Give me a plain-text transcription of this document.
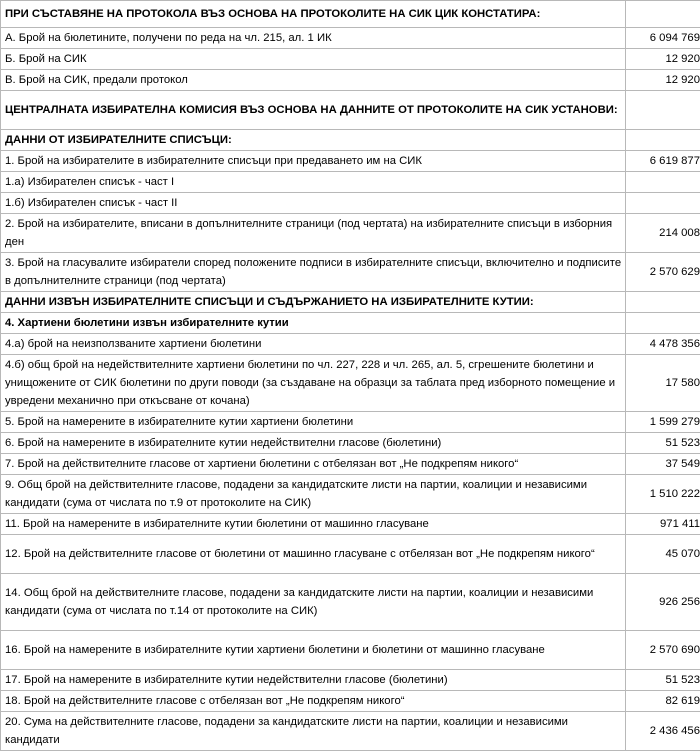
ПРИ СЪСТАВЯНЕ НА ПРОТОКОЛА ВЪЗ ОСНОВА НА ПРОТОКОЛИТЕ НА СИК ЦИК КОНСТАТИРА:	
А. Брой на бюлетините, получени по реда на чл. 215, ал. 1 ИК	6 094 769
Б. Брой на СИК	12 920
В. Брой на СИК, предали протокол	12 920
ЦЕНТРАЛНАТА ИЗБИРАТЕЛНА КОМИСИЯ ВЪЗ ОСНОВА НА ДАННИТЕ ОТ ПРОТОКОЛИТЕ НА СИК УСТАНОВИ:	
ДАННИ ОТ ИЗБИРАТЕЛНИТЕ СПИСЪЦИ:	
1. Брой на избирателите в избирателните списъци при предаването им на СИК	6 619 877
1.а) Избирателен списък - част I	
1.б) Избирателен списък - част II	
2. Брой на избирателите, вписани в допълнителните страници (под чертата) на избирателните списъци в изборния ден	214 008
3. Брой на гласувалите избиратели според положените подписи в избирателните списъци, включително и подписите в допълнителните страници (под чертата)	2 570 629
ДАННИ ИЗВЪН ИЗБИРАТЕЛНИТЕ СПИСЪЦИ И СЪДЪРЖАНИЕТО НА ИЗБИРАТЕЛНИТЕ КУТИИ:	
4. Хартиени бюлетини извън избирателните кутии	
4.а) брой на неизползваните хартиени бюлетини	4 478 356
4.б) общ брой на недействителните хартиени бюлетини по чл. 227, 228 и чл. 265, ал. 5, сгрешените бюлетини и унищожените от СИК бюлетини по други поводи (за създаване на образци за таблата пред изборното помещение и увредени механично при откъсване от кочана)	17 580
5. Брой на намерените в избирателните кутии хартиени бюлетини	1 599 279
6. Брой на намерените в избирателните кутии недействителни гласове (бюлетини)	51 523
7. Брой на действителните гласове от хартиени бюлетини с отбелязан вот „Не подкрепям никого“	37 549
9. Общ брой на действителните гласове, подадени за кандидатските листи на партии, коалиции и независими кандидати (сума от числата по т.9 от протоколите на СИК)	1 510 222
11. Брой на намерените в избирателните кутии бюлетини от машинно гласуване	971 411
12. Брой на действителните гласове от бюлетини от машинно гласуване с отбелязан вот „Не подкрепям никого“	45 070
14. Общ брой на действителните гласове, подадени за кандидатските листи на партии, коалиции и независими кандидати (сума от числата по т.14 от протоколите на СИК)	926 256
16. Брой на намерените в избирателните кутии хартиени бюлетини и бюлетини от машинно гласуване	2 570 690
17. Брой на намерените в избирателните кутии недействителни гласове (бюлетини)	51 523
18. Брой на действителните гласове с отбелязан вот „Не подкрепям никого“	82 619
20. Сума на действителните гласове, подадени за кандидатските листи на партии, коалиции и независими кандидати	2 436 456
